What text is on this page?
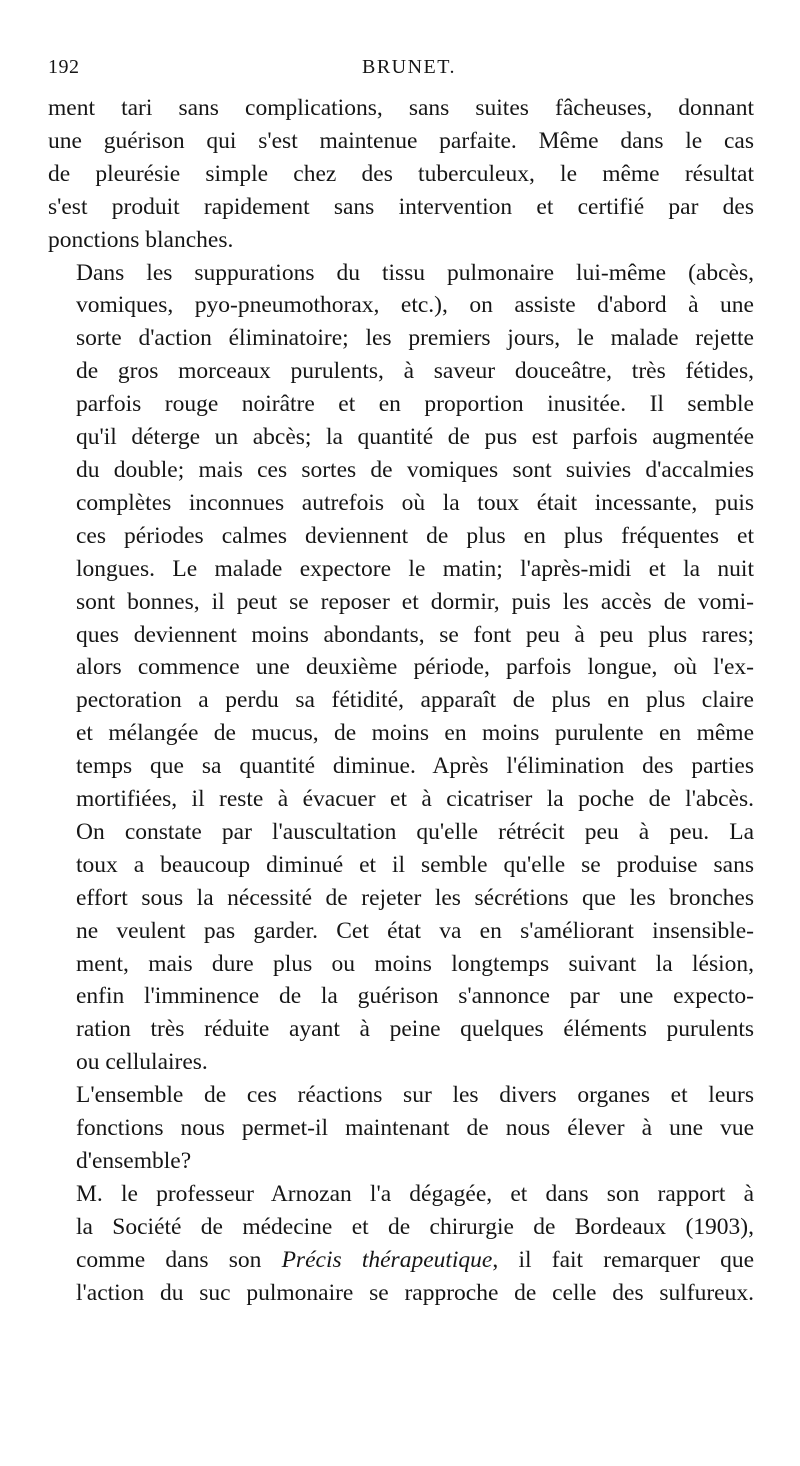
192	BRUNET.

ment tari sans complications, sans suites fâcheuses, donnant
une guérison qui s'est maintenue parfaite. Même dans le cas
de pleurésie simple chez des tuberculeux, le même résultat
s'est produit rapidement sans intervention et certifié par des
ponctions blanches.

Dans les suppurations du tissu pulmonaire lui-même (abcès,
vomiques, pyo-pneumothorax, etc.), on assiste d'abord à une
sorte d'action éliminatoire; les premiers jours, le malade rejette
de gros morceaux purulents, à saveur douceâtre, très fétides,
parfois rouge noirâtre et en proportion inusitée. Il semble
qu'il déterge un abcès; la quantité de pus est parfois augmentée
du double; mais ces sortes de vomiques sont suivies d'accalmies
complètes inconnues autrefois où la toux était incessante, puis
ces périodes calmes deviennent de plus en plus fréquentes et
longues. Le malade expectore le matin; l'après-midi et la nuit
sont bonnes, il peut se reposer et dormir, puis les accès de vomi-
ques deviennent moins abondants, se font peu à peu plus rares;
alors commence une deuxième période, parfois longue, où l'ex-
pectoration a perdu sa fétidité, apparaît de plus en plus claire
et mélangée de mucus, de moins en moins purulente en même
temps que sa quantité diminue. Après l'élimination des parties
mortifiées, il reste à évacuer et à cicatriser la poche de l'abcès.
On constate par l'auscultation qu'elle rétrécit peu à peu. La
toux a beaucoup diminué et il semble qu'elle se produise sans
effort sous la nécessité de rejeter les sécrétions que les bronches
ne veulent pas garder. Cet état va en s'améliorant insensible-
ment, mais dure plus ou moins longtemps suivant la lésion,
enfin l'imminence de la guérison s'annonce par une expecto-
ration très réduite ayant à peine quelques éléments purulents
ou cellulaires.

L'ensemble de ces réactions sur les divers organes et leurs
fonctions nous permet-il maintenant de nous élever à une vue
d'ensemble?

M. le professeur Arnozan l'a dégagée, et dans son rapport à
la Société de médecine et de chirurgie de Bordeaux (1903),
comme dans son Précis thérapeutique, il fait remarquer que
l'action du suc pulmonaire se rapproche de celle des sulfureux.
